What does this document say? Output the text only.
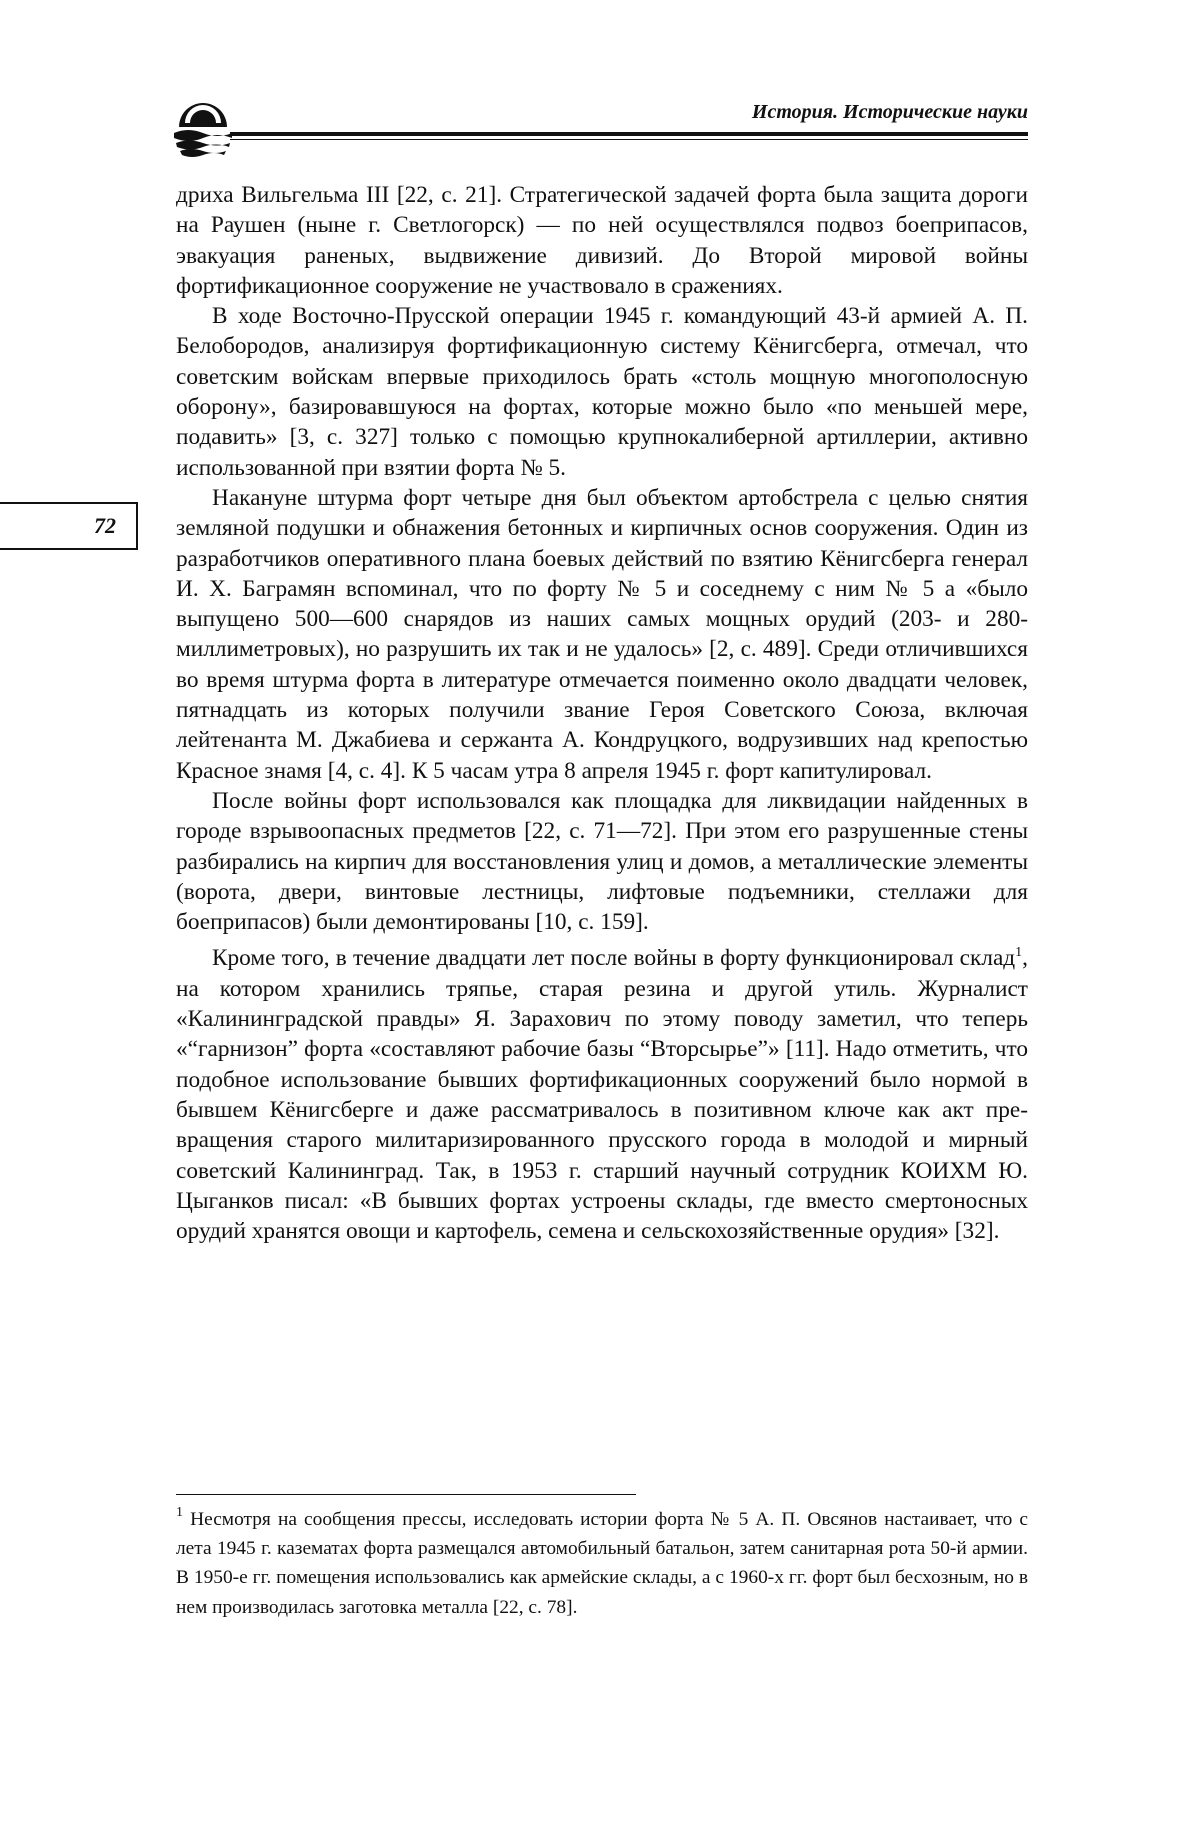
История. Исторические науки
72

дриха Вильгельма III [22, с. 21]. Стратегической задачей форта была защита дороги на Раушен (ныне г. Светлогорск) — по ней осуществлялся подвоз боеприпасов, эвакуация раненых, выдвижение дивизий. До Второй мировой войны фортификационное сооружение не участвовало в сражениях.

В ходе Восточно-Прусской операции 1945 г. командующий 43-й армией А. П. Белобородов, анализируя фортификационную систему Кёнигсберга, отмечал, что советским войскам впервые приходилось брать «столь мощную многополосную оборону», базировавшуюся на фортах, которые можно было «по меньшей мере, подавить» [3, с. 327] только с помощью крупнокалиберной артиллерии, активно использованной при взятии форта № 5.

Накануне штурма форт четыре дня был объектом артобстрела с целью снятия земляной подушки и обнажения бетонных и кирпичных основ сооружения. Один из разработчиков оперативного плана боевых действий по взятию Кёнигсберга генерал И. Х. Баграмян вспоминал, что по форту № 5 и соседнему с ним № 5 а «было выпущено 500—600 снарядов из наших самых мощных орудий (203- и 280-миллиметровых), но разрушить их так и не удалось» [2, с. 489]. Среди отличившихся во время штурма форта в литературе отмечается поименно около двадцати человек, пятнадцать из которых получили звание Героя Советского Союза, включая лейтенанта М. Джабиева и сержанта А. Кондруцкого, водрузивших над крепостью Красное знамя [4, с. 4]. К 5 часам утра 8 апреля 1945 г. форт капитулировал.

После войны форт использовался как площадка для ликвидации найденных в городе взрывоопасных предметов [22, с. 71—72]. При этом его разрушенные стены разбирались на кирпич для восстановления улиц и домов, а металлические элементы (ворота, двери, винтовые лестницы, лифтовые подъемники, стеллажи для боеприпасов) были демонтированы [10, с. 159].

Кроме того, в течение двадцати лет после войны в форту функционировал склад$^1$, на котором хранились тряпье, старая резина и другой утиль. Журналист «Калининградской правды» Я. Зарахович по этому поводу заметил, что теперь «“гарнизон” форта «составляют рабочие базы “Вторсырье”» [11]. Надо отметить, что подобное использование бывших фортификационных сооружений было нормой в бывшем Кёнигсберге и даже рассматривалось в позитивном ключе как акт превращения старого милитаризированного прусского города в молодой и мирный советский Калининград. Так, в 1953 г. старший научный сотрудник КОИХМ Ю. Цыганков писал: «В бывших фортах устроены склады, где вместо смертоносных орудий хранятся овощи и картофель, семена и сельскохозяйственные орудия» [32].

$^1$ Несмотря на сообщения прессы, исследовать истории форта № 5 А. П. Овсянов настаивает, что с лета 1945 г. казематах форта размещался автомобильный батальон, затем санитарная рота 50-й армии. В 1950-е гг. помещения использовались как армейские склады, а с 1960-х гг. форт был бесхозным, но в нем производилась заготовка металла [22, с. 78].
